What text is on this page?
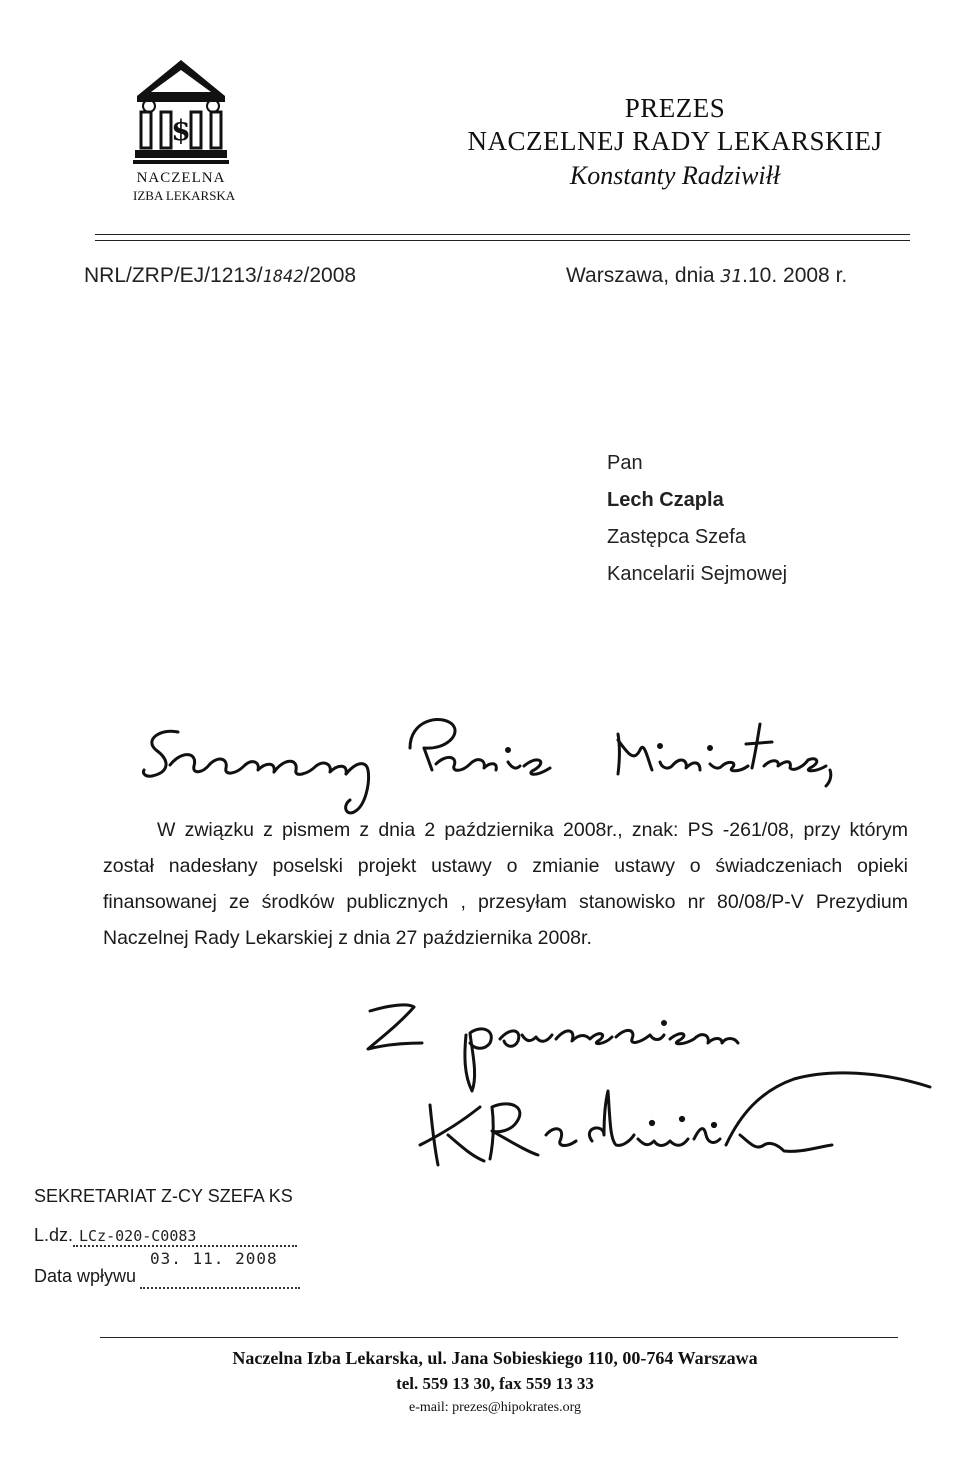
$
NACZELNA
IZBA LEKARSKA
PREZES
NACZELNEJ RADY LEKARSKIEJ
Konstanty Radziwiłł
NRL/ZRP/EJ/1213/1842/2008	Warszawa, dnia 31.10. 2008 r.
Pan
Lech Czapla
Zastępca Szefa
Kancelarii Sejmowej

W związku z pismem z dnia 2 października 2008r., znak: PS -261/08, przy którym został nadesłany poselski projekt ustawy o zmianie ustawy o świadczeniach opieki finansowanej ze środków publicznych , przesyłam stanowisko nr 80/08/P-V Prezydium Naczelnej Rady Lekarskiej z dnia 27 października 2008r.

SEKRETARIAT Z-CY SZEFA KS
L.dz. LCz-020-C0083
03. 11. 2008
Data wpływu
Naczelna Izba Lekarska, ul. Jana Sobieskiego 110, 00-764 Warszawa
tel. 559 13 30, fax 559 13 33
e-mail: prezes@hipokrates.org
